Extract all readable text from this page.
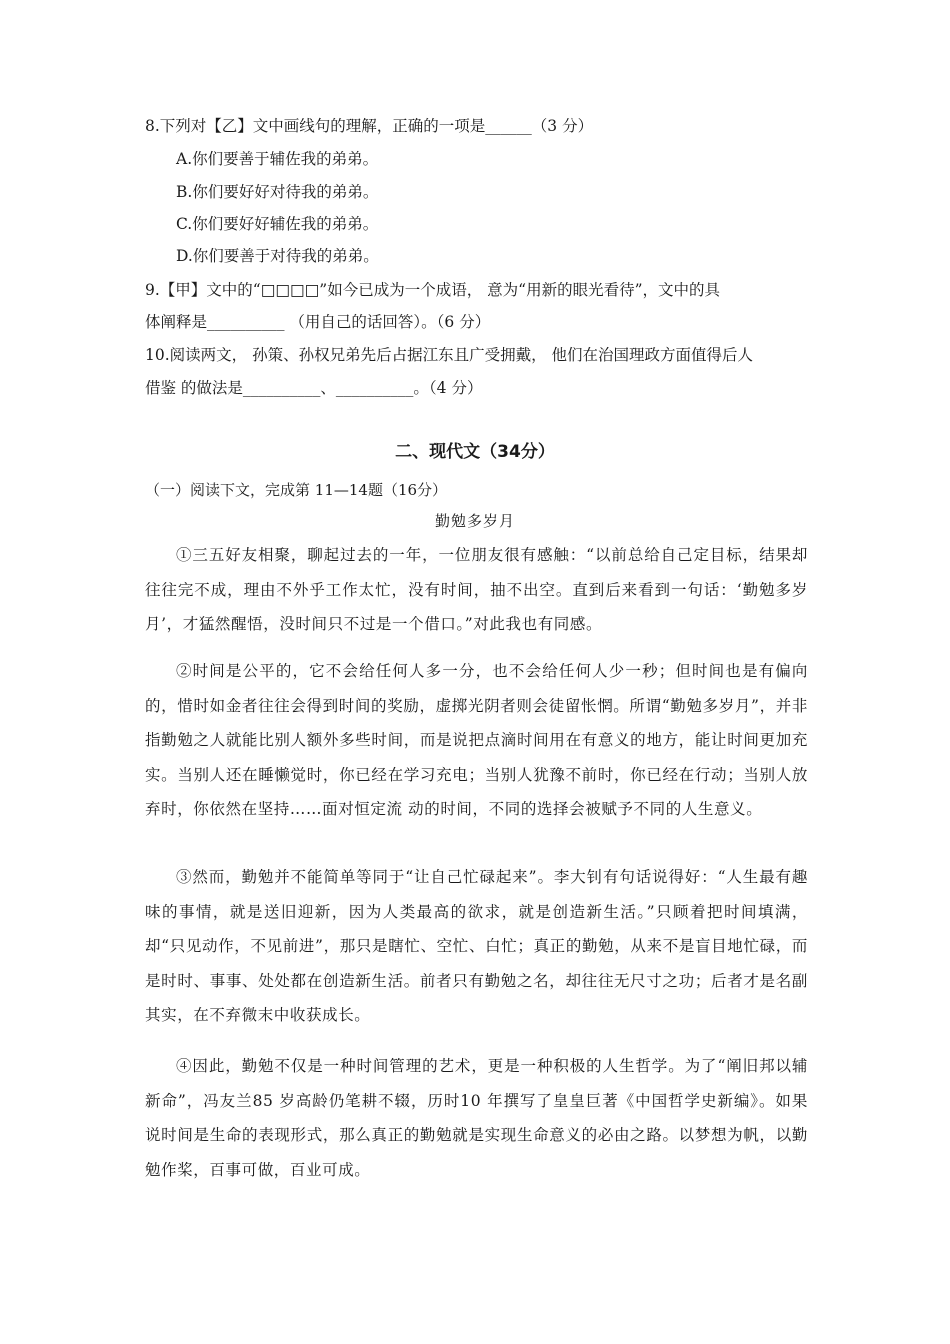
8.下列对【乙】文中画线句的理解，正确的一项是______（3 分）
A.你们要善于辅佐我的弟弟。
B.你们要好好对待我的弟弟。
C.你们要好好辅佐我的弟弟。
D.你们要善于对待我的弟弟。
9.【甲】文中的“□□□□”如今已成为一个成语， 意为“用新的眼光看待”，文中的具
体阐释是__________ （用自己的话回答）。（6 分）
10.阅读两文， 孙策、孙权兄弟先后占据江东且广受拥戴， 他们在治国理政方面值得后人
借鉴 的做法是__________、__________。（4 分）
二、现代文（34分）
（一）阅读下文，完成第 11—14题（16分）
勤勉多岁月
①三五好友相聚，聊起过去的一年，一位朋友很有感触：“以前总给自己定目标，结果却往往完不成，理由不外乎工作太忙，没有时间，抽不出空。直到后来看到一句话：‘勤勉多岁月’，才猛然醒悟，没时间只不过是一个借口。”对此我也有同感。
②时间是公平的，它不会给任何人多一分，也不会给任何人少一秒；但时间也是有偏向的，惜时如金者往往会得到时间的奖励，虚掷光阴者则会徒留怅惘。所谓“勤勉多岁月”，并非指勤勉之人就能比别人额外多些时间，而是说把点滴时间用在有意义的地方，能让时间更加充实。当别人还在睡懒觉时，你已经在学习充电；当别人犹豫不前时，你已经在行动；当别人放弃时，你依然在坚持……面对恒定流 动的时间，不同的选择会被赋予不同的人生意义。
③然而，勤勉并不能简单等同于“让自己忙碌起来”。李大钊有句话说得好：“人生最有趣味的事情，就是送旧迎新，因为人类最高的欲求，就是创造新生活。”只顾着把时间填满，却“只见动作，不见前进”，那只是瞎忙、空忙、白忙；真正的勤勉，从来不是盲目地忙碌，而是时时、事事、处处都在创造新生活。前者只有勤勉之名，却往往无尺寸之功；后者才是名副其实，在不弃微末中收获成长。
④因此，勤勉不仅是一种时间管理的艺术，更是一种积极的人生哲学。为了“阐旧邦以辅新命”，冯友兰85 岁高龄仍笔耕不辍，历时10 年撰写了皇皇巨著《中国哲学史新编》。如果说时间是生命的表现形式，那么真正的勤勉就是实现生命意义的必由之路。以梦想为帆，以勤勉作桨，百事可做，百业可成。
